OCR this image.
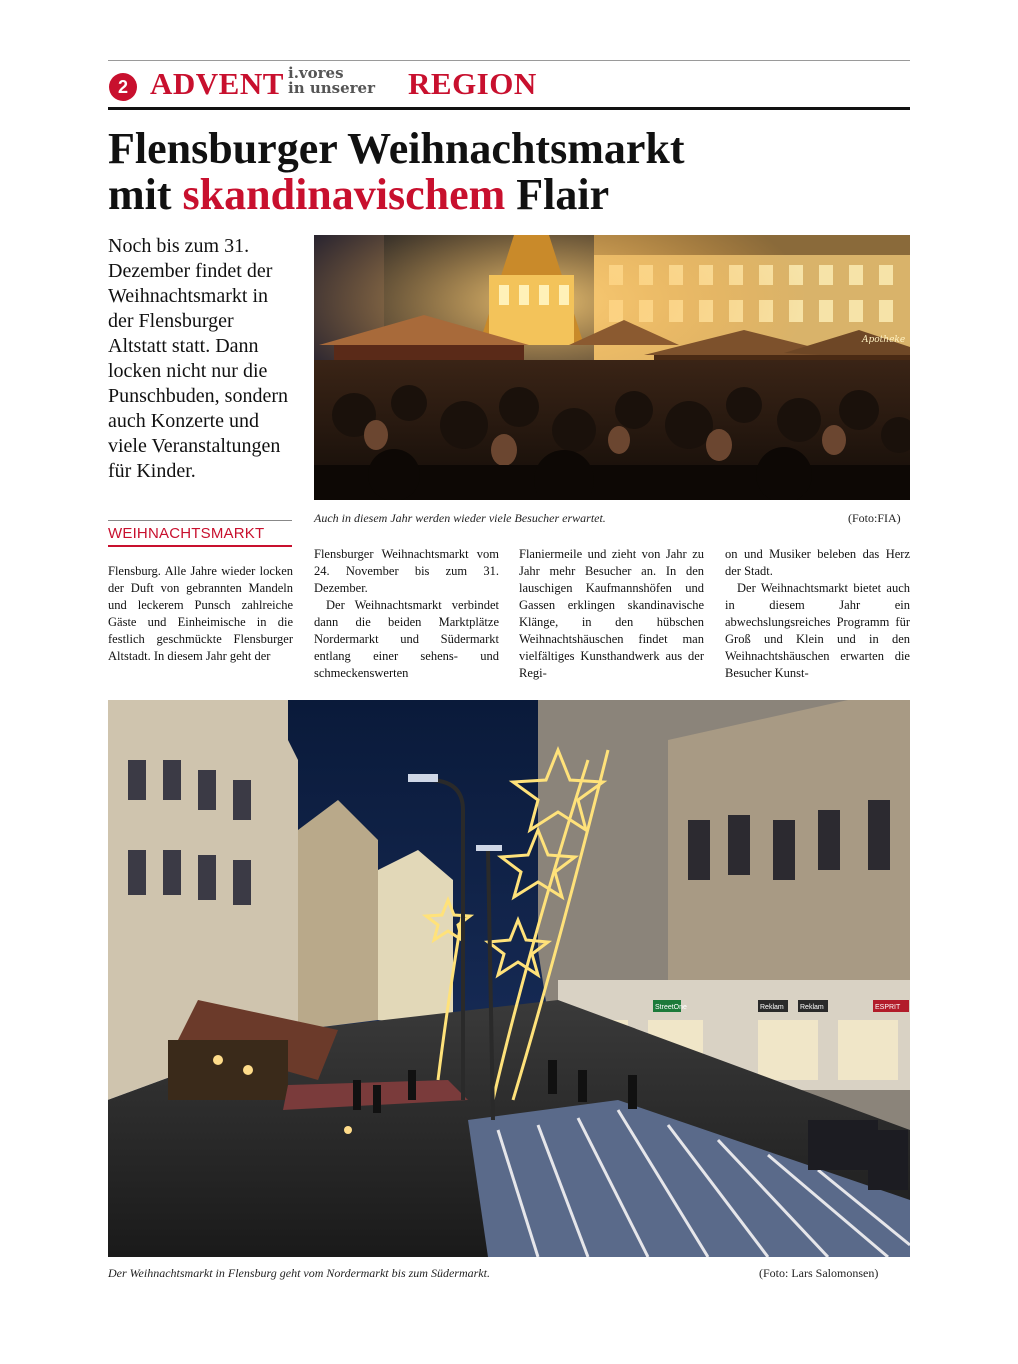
2 ADVENT i.vores
in unserer REGION
Flensburger Weihnachtsmarkt
mit skandinavischem Flair
Noch bis zum 31. Dezember findet der Weihnachtsmarkt in der Flensburger Altstatt statt. Dann locken nicht nur die Punschbuden, sondern auch Konzerte und viele Veranstaltungen für Kinder.
Apotheke
Auch in diesem Jahr werden wieder viele Besucher erwartet.	(Foto:FIA)
WEIHNACHTSMARKT

Flensburg. Alle Jahre wieder locken der Duft von gebrannten Mandeln und leckerem Punsch zahlreiche Gäste und Einheimische in die festlich geschmückte Flensburger Altstadt. In diesem Jahr geht der

Flensburger Weihnachtsmarkt vom 24. November bis zum 31. Dezember.

Der Weihnachtsmarkt verbindet dann die beiden Marktplätze Nordermarkt und Südermarkt entlang einer sehens- und schmeckenswerten

Flaniermeile und zieht von Jahr zu Jahr mehr Besucher an. In den lauschigen Kaufmannshöfen und Gassen erklingen skandinavische Klänge, in den hübschen Weihnachtshäuschen findet man vielfältiges Kunsthandwerk aus der Regi-

on und Musiker beleben das Herz der Stadt.

Der Weihnachtsmarkt bietet auch in diesem Jahr ein abwechslungsreiches Programm für Groß und Klein und in den Weihnachtshäuschen erwarten die Besucher Kunst-

StreetOne	Reklam Reklam	ESPRIT
Der Weihnachtsmarkt in Flensburg geht vom Nordermarkt bis zum Südermarkt.	(Foto: Lars Salomonsen)
